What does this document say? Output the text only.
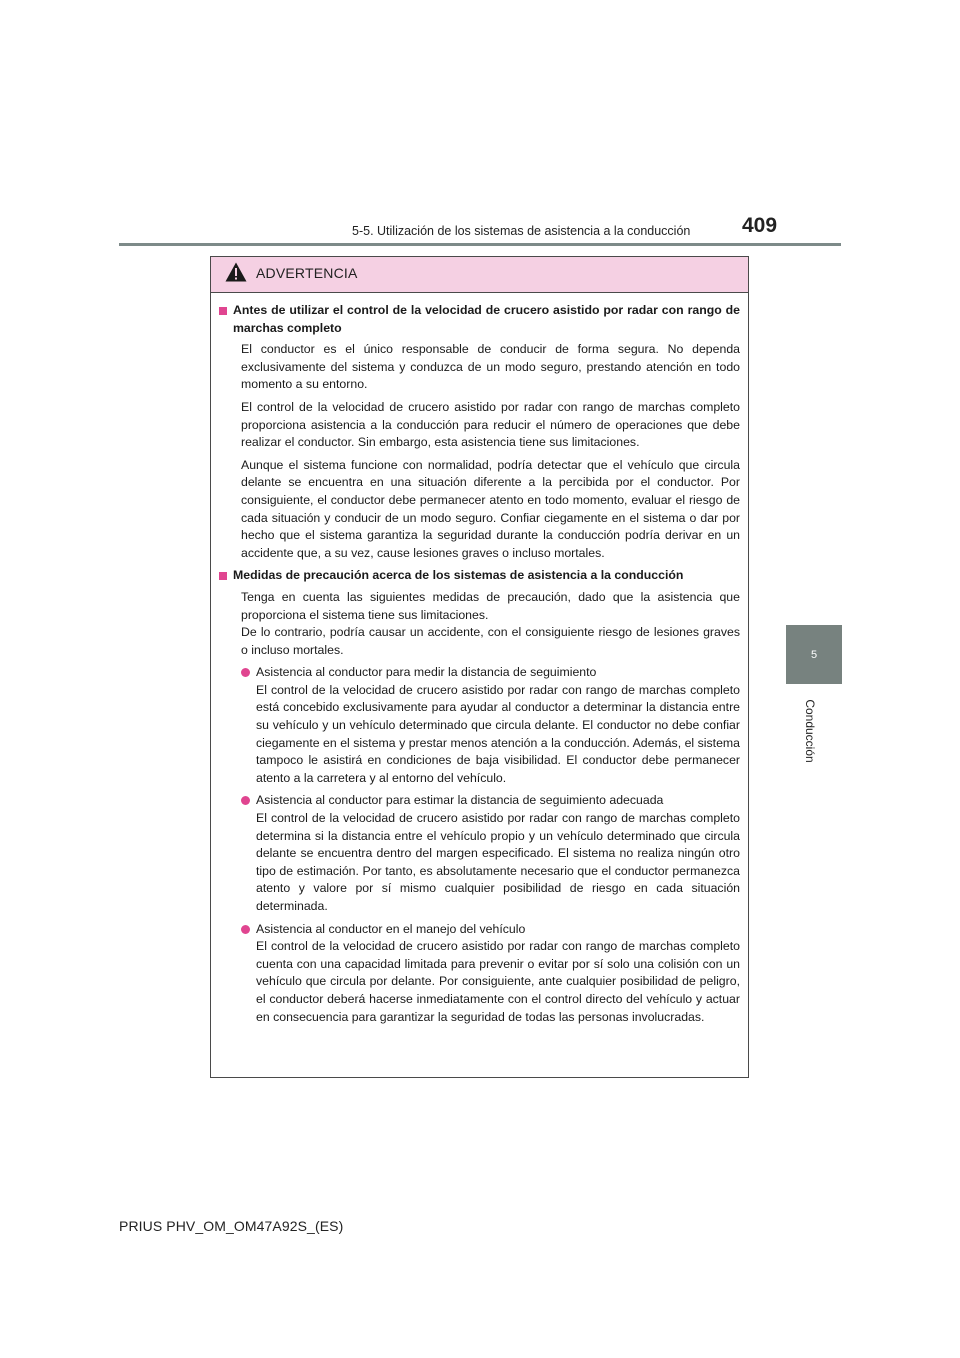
5-5. Utilización de los sistemas de asistencia a la conducción 409
5
Conducción
ADVERTENCIA
Antes de utilizar el control de la velocidad de crucero asistido por radar con rango de marchas completo

El conductor es el único responsable de conducir de forma segura. No dependa exclusivamente del sistema y conduzca de un modo seguro, prestando atención en todo momento a su entorno.

El control de la velocidad de crucero asistido por radar con rango de marchas completo proporciona asistencia a la conducción para reducir el número de operaciones que debe realizar el conductor. Sin embargo, esta asistencia tiene sus limitaciones.

Aunque el sistema funcione con normalidad, podría detectar que el vehículo que circula delante se encuentra en una situación diferente a la percibida por el conductor. Por consiguiente, el conductor debe permanecer atento en todo momento, evaluar el riesgo de cada situación y conducir de un modo seguro. Confiar ciegamente en el sistema o dar por hecho que el sistema garantiza la seguridad durante la conducción podría derivar en un accidente que, a su vez, cause lesiones graves o incluso mortales.

Medidas de precaución acerca de los sistemas de asistencia a la conducción

Tenga en cuenta las siguientes medidas de precaución, dado que la asistencia que proporciona el sistema tiene sus limitaciones.

De lo contrario, podría causar un accidente, con el consiguiente riesgo de lesiones graves o incluso mortales.

Asistencia al conductor para medir la distancia de seguimiento
El control de la velocidad de crucero asistido por radar con rango de marchas completo está concebido exclusivamente para ayudar al conductor a determinar la distancia entre su vehículo y un vehículo determinado que circula delante. El conductor no debe confiar ciegamente en el sistema y prestar menos atención a la conducción. Además, el sistema tampoco le asistirá en condiciones de baja visibilidad. El conductor debe permanecer atento a la carretera y al entorno del vehículo.
Asistencia al conductor para estimar la distancia de seguimiento adecuada
El control de la velocidad de crucero asistido por radar con rango de marchas completo determina si la distancia entre el vehículo propio y un vehículo determinado que circula delante se encuentra dentro del margen especificado. El sistema no realiza ningún otro tipo de estimación. Por tanto, es absolutamente necesario que el conductor permanezca atento y valore por sí mismo cualquier posibilidad de riesgo en cada situación determinada.
Asistencia al conductor en el manejo del vehículo
El control de la velocidad de crucero asistido por radar con rango de marchas completo cuenta con una capacidad limitada para prevenir o evitar por sí solo una colisión con un vehículo que circula por delante. Por consiguiente, ante cualquier posibilidad de peligro, el conductor deberá hacerse inmediatamente con el control directo del vehículo y actuar en consecuencia para garantizar la seguridad de todas las personas involucradas.
PRIUS PHV_OM_OM47A92S_(ES)
